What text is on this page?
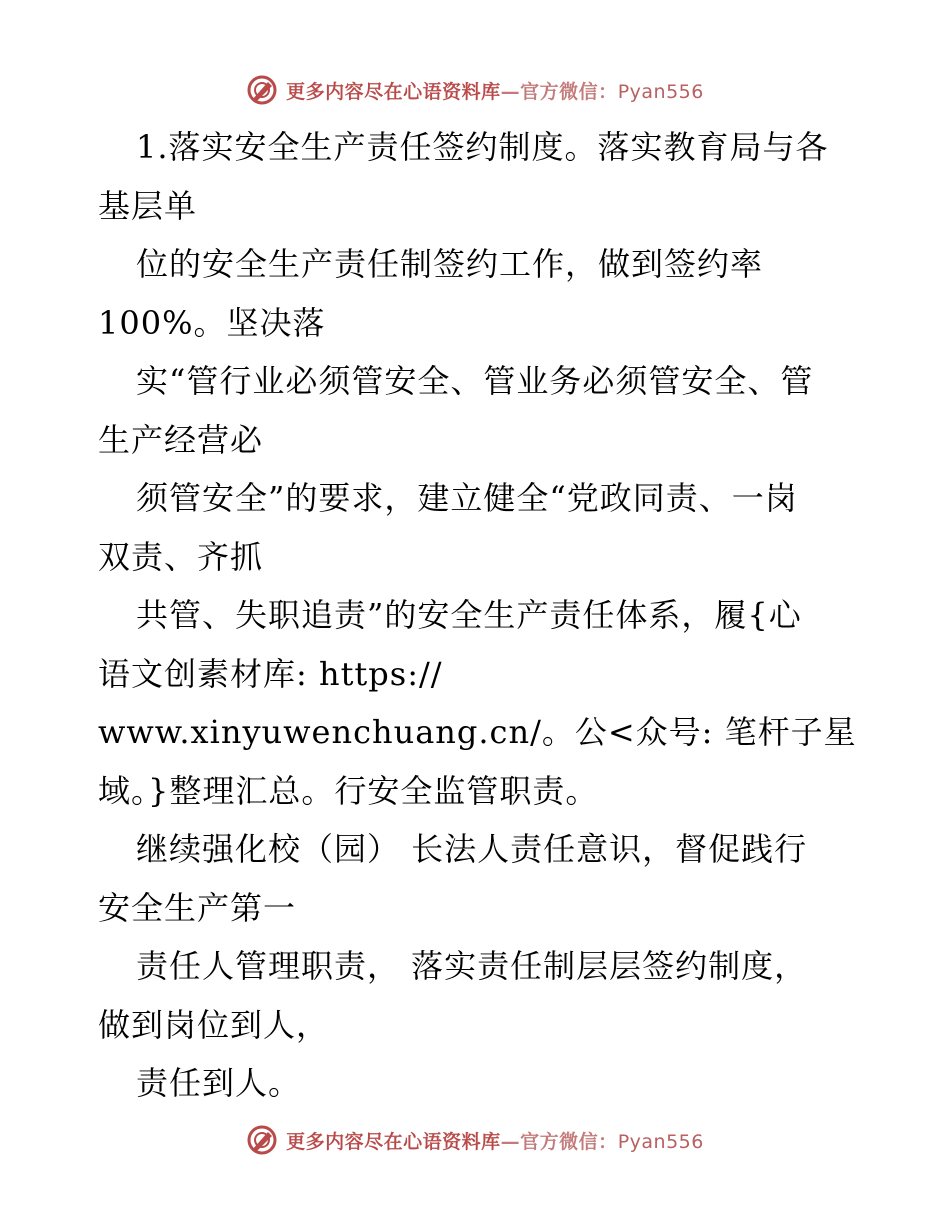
更多内容尽在心语资料库—官方微信：Pyan556
1.落实安全生产责任签约制度。落实教育局与各
基层单
位的安全生产责任制签约工作，做到签约率
100%。坚决落
实“管行业必须管安全、管业务必须管安全、管
生产经营必
须管安全”的要求，建立健全“党政同责、一岗
双责、齐抓
共管、失职追责”的安全生产责任体系，履{心
语文创素材库: https://
www.xinyuwenchuang.cn/。公<众号: 笔杆子星
域。}整理汇总。行安全监管职责。
继续强化校（园） 长法人责任意识，督促践行
安全生产第一
责任人管理职责， 落实责任制层层签约制度，
做到岗位到人，
责任到人。
更多内容尽在心语资料库—官方微信：Pyan556
